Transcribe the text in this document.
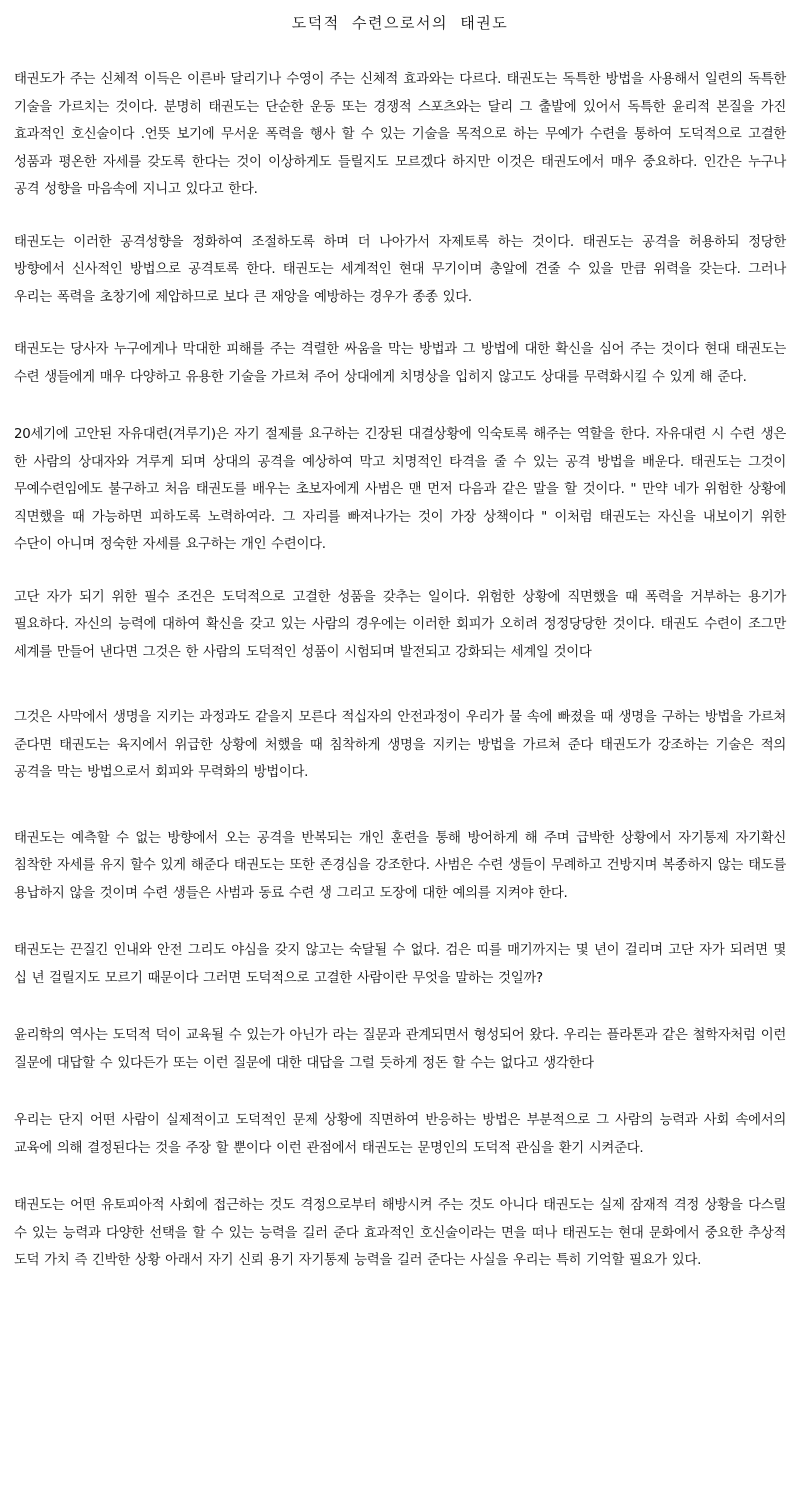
도덕적 수련으로서의 태권도

태권도가 주는 신체적 이득은 이른바 달리기나 수영이 주는 신체적 효과와는 다르다. 태권도는 독특한 방법을 사용해서 일련의 독특한 기술을 가르치는 것이다. 분명히 태권도는 단순한 운동 또는 경쟁적 스포츠와는 달리 그 출발에 있어서 독특한 윤리적 본질을 가진 효과적인 호신술이다 .언뜻 보기에 무서운 폭력을 행사 할 수 있는 기술을 목적으로 하는 무예가 수련을 통하여 도덕적으로 고결한 성품과 평온한 자세를 갖도록 한다는 것이 이상하게도 들릴지도 모르겠다 하지만 이것은 태권도에서 매우 중요하다. 인간은 누구나 공격 성향을 마음속에 지니고 있다고 한다.

태권도는 이러한 공격성향을 정화하여 조절하도록 하며 더 나아가서 자제토록 하는 것이다. 태권도는 공격을 허용하되 정당한 방향에서 신사적인 방법으로 공격토록 한다. 태권도는 세계적인 현대 무기이며 총알에 견줄 수 있을 만큼 위력을 갖는다. 그러나 우리는 폭력을 초창기에 제압하므로 보다 큰 재앙을 예방하는 경우가 종종 있다.

태권도는 당사자 누구에게나 막대한 피해를 주는 격렬한 싸움을 막는 방법과 그 방법에 대한 확신을 심어 주는 것이다 현대 태권도는 수련 생들에게 매우 다양하고 유용한 기술을 가르쳐 주어 상대에게 치명상을 입히지 않고도 상대를 무력화시킬 수 있게 해 준다.

20세기에 고안된 자유대련(겨루기)은 자기 절제를 요구하는 긴장된 대결상황에 익숙토록 해주는 역할을 한다. 자유대련 시 수련 생은 한 사람의 상대자와 겨루게 되며 상대의 공격을 예상하여 막고 치명적인 타격을 줄 수 있는 공격 방법을 배운다. 태권도는 그것이 무예수련임에도 불구하고 처음 태권도를 배우는 초보자에게 사범은 맨 먼저 다음과 같은 말을 할 것이다. " 만약 네가 위험한 상황에 직면했을 때 가능하면 피하도록 노력하여라. 그 자리를 빠져나가는 것이 가장 상책이다 " 이처럼 태권도는 자신을 내보이기 위한 수단이 아니며 정숙한 자세를 요구하는 개인 수련이다.

고단 자가 되기 위한 필수 조건은 도덕적으로 고결한 성품을 갖추는 일이다. 위험한 상황에 직면했을 때 폭력을 거부하는 용기가 필요하다. 자신의 능력에 대하여 확신을 갖고 있는 사람의 경우에는 이러한 회피가 오히려 정정당당한 것이다. 태권도 수련이 조그만 세계를 만들어 낸다면 그것은 한 사람의 도덕적인 성품이 시험되며 발전되고 강화되는 세계일 것이다

그것은 사막에서 생명을 지키는 과정과도 같을지 모른다 적십자의 안전과정이 우리가 물 속에 빠졌을 때 생명을 구하는 방법을 가르쳐 준다면 태권도는 육지에서 위급한 상황에 처했을 때 침착하게 생명을 지키는 방법을 가르쳐 준다 태권도가 강조하는 기술은 적의 공격을 막는 방법으로서 회피와 무력화의 방법이다.

태권도는 예측할 수 없는 방향에서 오는 공격을 반복되는 개인 훈련을 통해 방어하게 해 주며 급박한 상황에서 자기통제 자기확신 침착한 자세를 유지 할수 있게 해준다 태권도는 또한 존경심을 강조한다. 사범은 수련 생들이 무례하고 건방지며 복종하지 않는 태도를 용납하지 않을 것이며 수련 생들은 사범과 동료 수련 생 그리고 도장에 대한 예의를 지켜야 한다.

태권도는 끈질긴 인내와 안전 그리도 야심을 갖지 않고는 숙달될 수 없다. 검은 띠를 매기까지는 몇 년이 걸리며 고단 자가 되려면 몇 십 년 걸릴지도 모르기 때문이다 그러면 도덕적으로 고결한 사람이란 무엇을 말하는 것일까?

윤리학의 역사는 도덕적 덕이 교육될 수 있는가 아닌가 라는 질문과 관계되면서 형성되어 왔다. 우리는 플라톤과 같은 철학자처럼 이런 질문에 대답할 수 있다든가 또는 이런 질문에 대한 대답을 그럴 듯하게 정돈 할 수는 없다고 생각한다

우리는 단지 어떤 사람이 실제적이고 도덕적인 문제 상황에 직면하여 반응하는 방법은 부분적으로 그 사람의 능력과 사회 속에서의 교육에 의해 결정된다는 것을 주장 할 뿐이다 이런 관점에서 태권도는 문명인의 도덕적 관심을 환기 시켜준다.

태권도는 어떤 유토피아적 사회에 접근하는 것도 격정으로부터 해방시켜 주는 것도 아니다 태권도는 실제 잠재적 격정 상황을 다스릴 수 있는 능력과 다양한 선택을 할 수 있는 능력을 길러 준다 효과적인 호신술이라는 면을 떠나 태권도는 현대 문화에서 중요한 추상적 도덕 가치 즉 긴박한 상황 아래서 자기 신뢰 용기 자기통제 능력을 길러 준다는 사실을 우리는 특히 기억할 필요가 있다.
